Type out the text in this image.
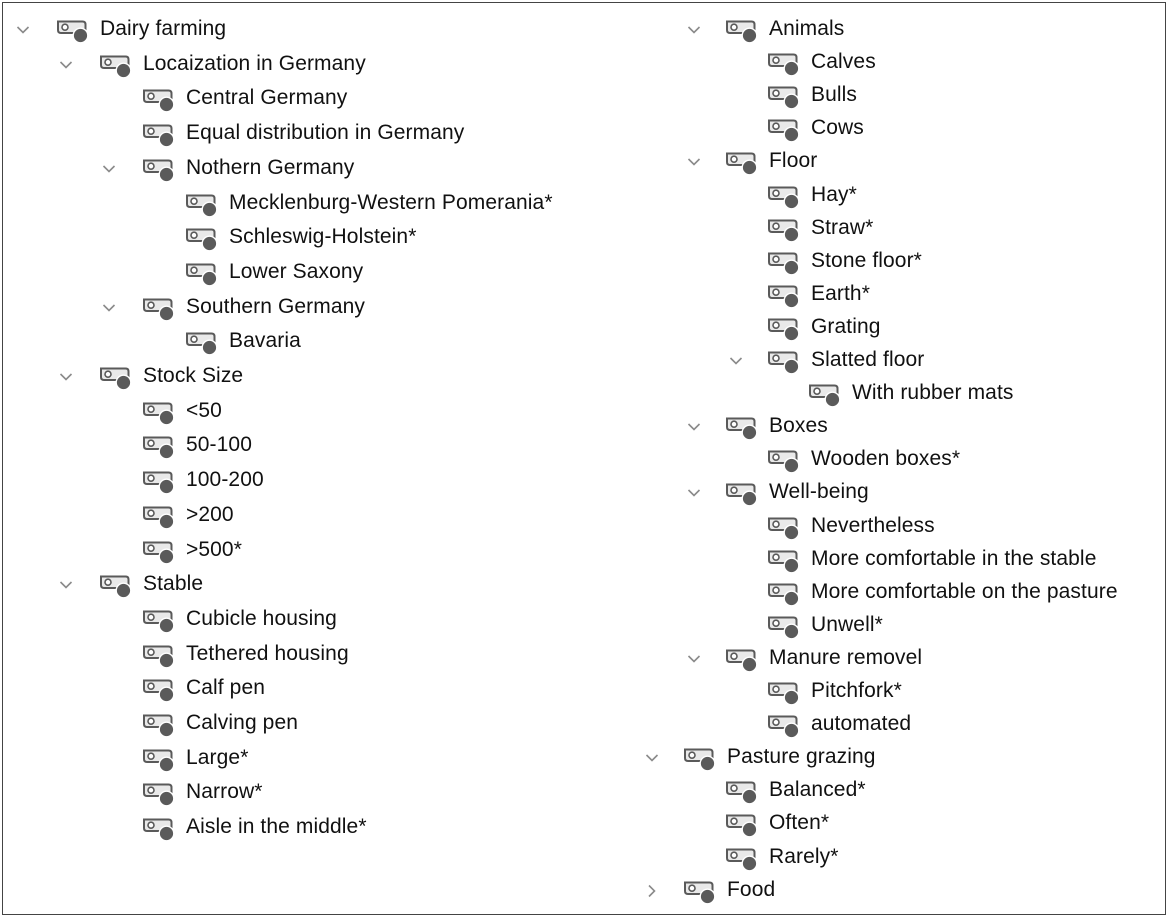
Dairy farming
Locaization in Germany
Central Germany
Equal distribution in Germany
Nothern Germany
Mecklenburg-Western Pomerania*
Schleswig-Holstein*
Lower Saxony
Southern Germany
Bavaria
Stock Size
<50
50-100
100-200
>200
>500*
Stable
Cubicle housing
Tethered housing
Calf pen
Calving pen
Large*
Narrow*
Aisle in the middle*
Animals
Calves
Bulls
Cows
Floor
Hay*
Straw*
Stone floor*
Earth*
Grating
Slatted floor
With rubber mats
Boxes
Wooden boxes*
Well-being
Nevertheless
More comfortable in the stable
More comfortable on the pasture
Unwell*
Manure removel
Pitchfork*
automated
Pasture grazing
Balanced*
Often*
Rarely*
Food
